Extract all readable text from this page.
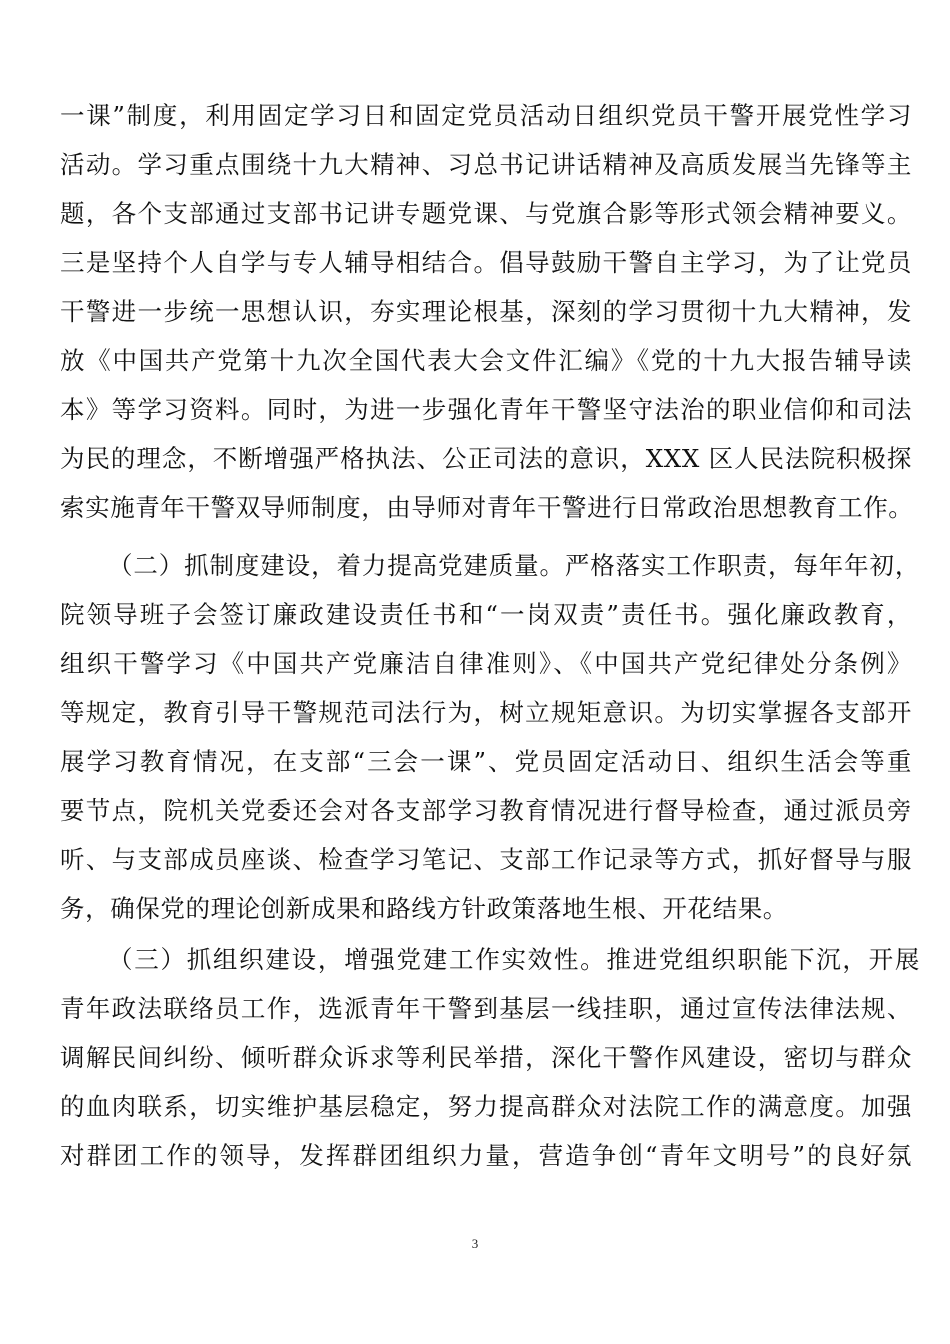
一课”制度，利用固定学习日和固定党员活动日组织党员干警开展党性学习
活动。学习重点围绕十九大精神、习总书记讲话精神及高质发展当先锋等主
题，各个支部通过支部书记讲专题党课、与党旗合影等形式领会精神要义。
三是坚持个人自学与专人辅导相结合。倡导鼓励干警自主学习，为了让党员
干警进一步统一思想认识，夯实理论根基，深刻的学习贯彻十九大精神，发
放《中国共产党第十九次全国代表大会文件汇编》《党的十九大报告辅导读
本》等学习资料。同时，为进一步强化青年干警坚守法治的职业信仰和司法
为民的理念，不断增强严格执法、公正司法的意识，XXX 区人民法院积极探
索实施青年干警双导师制度，由导师对青年干警进行日常政治思想教育工作。
（二）抓制度建设，着力提高党建质量。严格落实工作职责，每年年初，
院领导班子会签订廉政建设责任书和“一岗双责”责任书。强化廉政教育，
组织干警学习《中国共产党廉洁自律准则》、《中国共产党纪律处分条例》
等规定，教育引导干警规范司法行为，树立规矩意识。为切实掌握各支部开
展学习教育情况，在支部“三会一课”、党员固定活动日、组织生活会等重
要节点，院机关党委还会对各支部学习教育情况进行督导检查，通过派员旁
听、与支部成员座谈、检查学习笔记、支部工作记录等方式，抓好督导与服
务，确保党的理论创新成果和路线方针政策落地生根、开花结果。
（三）抓组织建设，增强党建工作实效性。推进党组织职能下沉，开展
青年政法联络员工作，选派青年干警到基层一线挂职，通过宣传法律法规、
调解民间纠纷、倾听群众诉求等利民举措，深化干警作风建设，密切与群众
的血肉联系，切实维护基层稳定，努力提高群众对法院工作的满意度。加强
对群团工作的领导，发挥群团组织力量，营造争创“青年文明号”的良好氛
3
